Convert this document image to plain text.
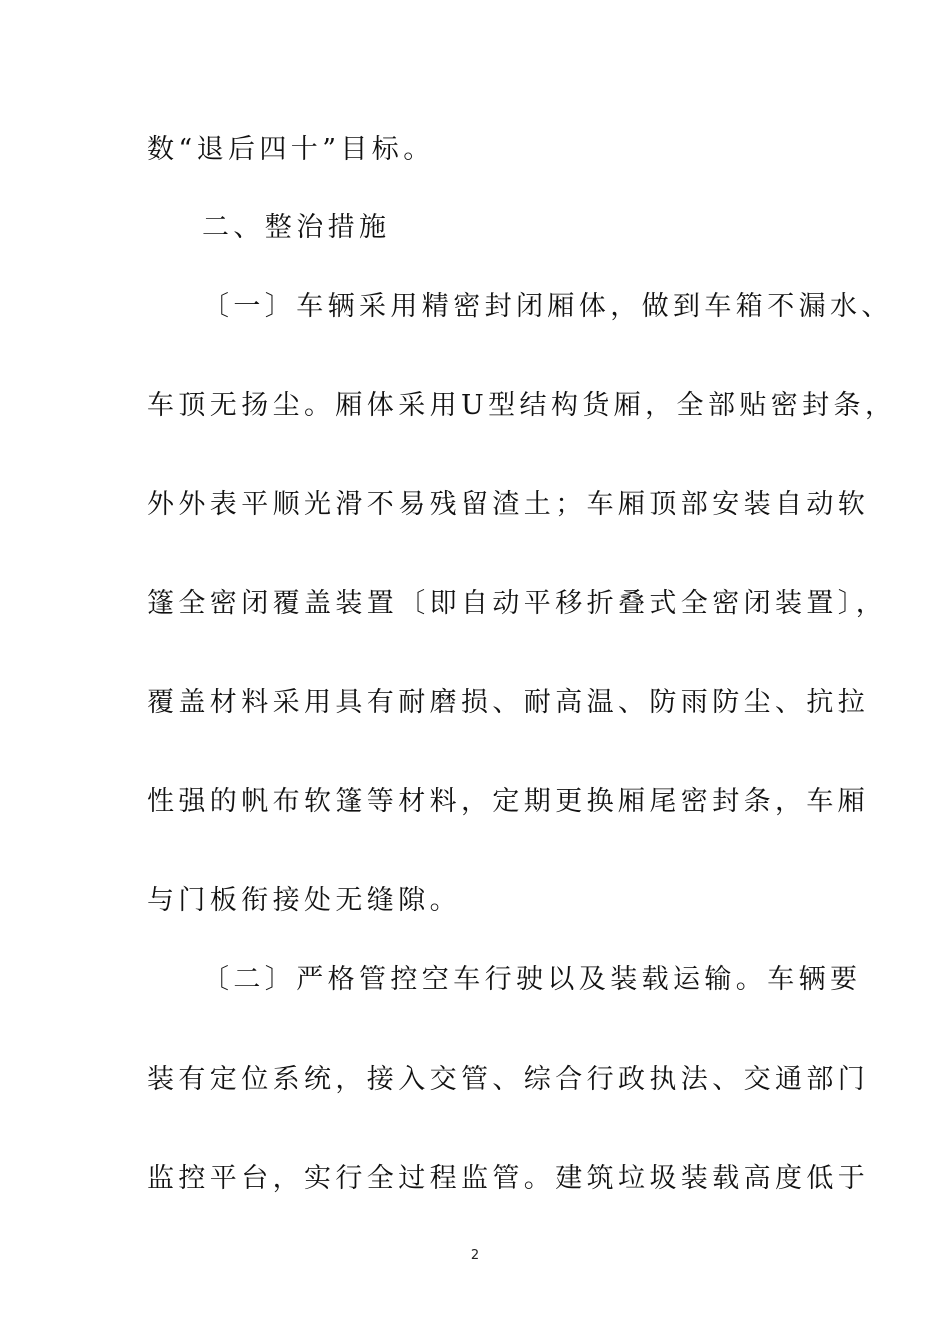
数“退后四十”目标。
二、整治措施
〔一〕车辆采用精密封闭厢体，做到车箱不漏水、
车顶无扬尘。厢体采用U型结构货厢，全部贴密封条，
外外表平顺光滑不易残留渣土；车厢顶部安装自动软
篷全密闭覆盖装置〔即自动平移折叠式全密闭装置〕，
覆盖材料采用具有耐磨损、耐高温、防雨防尘、抗拉
性强的帆布软篷等材料，定期更换厢尾密封条，车厢
与门板衔接处无缝隙。
〔二〕严格管控空车行驶以及装载运输。车辆要
装有定位系统，接入交管、综合行政执法、交通部门
监控平台，实行全过程监管。建筑垃圾装载高度低于
2
